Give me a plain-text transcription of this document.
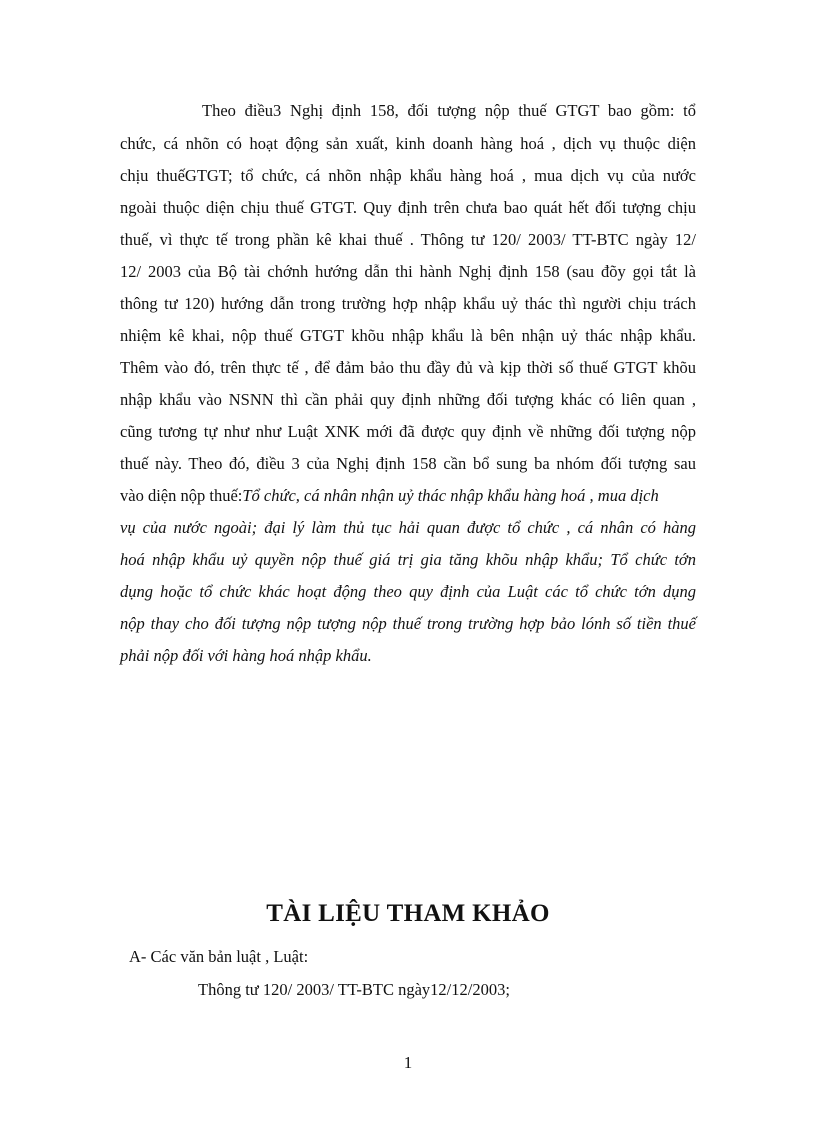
Theo điều3 Nghị định 158, đối tượng nộp thuế GTGT bao gồm: tổ
chức, cá nhõn có hoạt động sản xuất, kinh doanh hàng hoá , dịch vụ thuộc diện
chịu thuếGTGT; tổ chức, cá nhõn nhập khẩu hàng hoá , mua dịch vụ của nước
ngoài thuộc diện chịu thuế GTGT. Quy định trên chưa bao quát hết đối tượng chịu
thuế, vì thực tế trong phần kê khai thuế . Thông tư 120/ 2003/ TT-BTC ngày 12/
12/ 2003 của Bộ tài chớnh hướng dẫn thi hành Nghị định 158 (sau đõy gọi tắt là
thông tư 120) hướng dẫn trong trường hợp nhập khẩu uỷ thác thì người chịu trách
nhiệm kê khai, nộp thuế GTGT khõu nhập khẩu là bên nhận uỷ thác nhập khẩu.
Thêm vào đó, trên thực tế , để đảm bảo thu đầy đủ và kịp thời số thuế GTGT khõu
nhập khẩu vào NSNN thì cần phải quy định những đối tượng khác có liên quan ,
cũng tương tự như như Luật XNK mới đã được quy định về những đối tượng nộp
thuế này. Theo đó, điều 3 của Nghị định 158 cần bổ sung ba nhóm đối tượng sau
vào diện nộp thuế:Tổ chức, cá nhân nhận uỷ thác nhập khẩu hàng hoá , mua dịch
vụ của nước ngoài; đại lý làm thủ tục hải quan được tổ chức , cá nhân có hàng
hoá nhập khẩu uỷ quyền nộp thuế giá trị gia tăng khõu nhập khẩu; Tổ chức tớn
dụng hoặc tổ chức khác hoạt động theo quy định của Luật các tổ chức tớn dụng
nộp thay cho đối tượng nộp tượng nộp thuế trong trường hợp bảo lónh số tiền thuế
phải nộp đối với hàng hoá nhập khẩu.
TÀI LIỆU THAM KHẢO
A- Các văn bản luật , Luật:
Thông tư 120/ 2003/ TT-BTC ngày12/12/2003;
1
